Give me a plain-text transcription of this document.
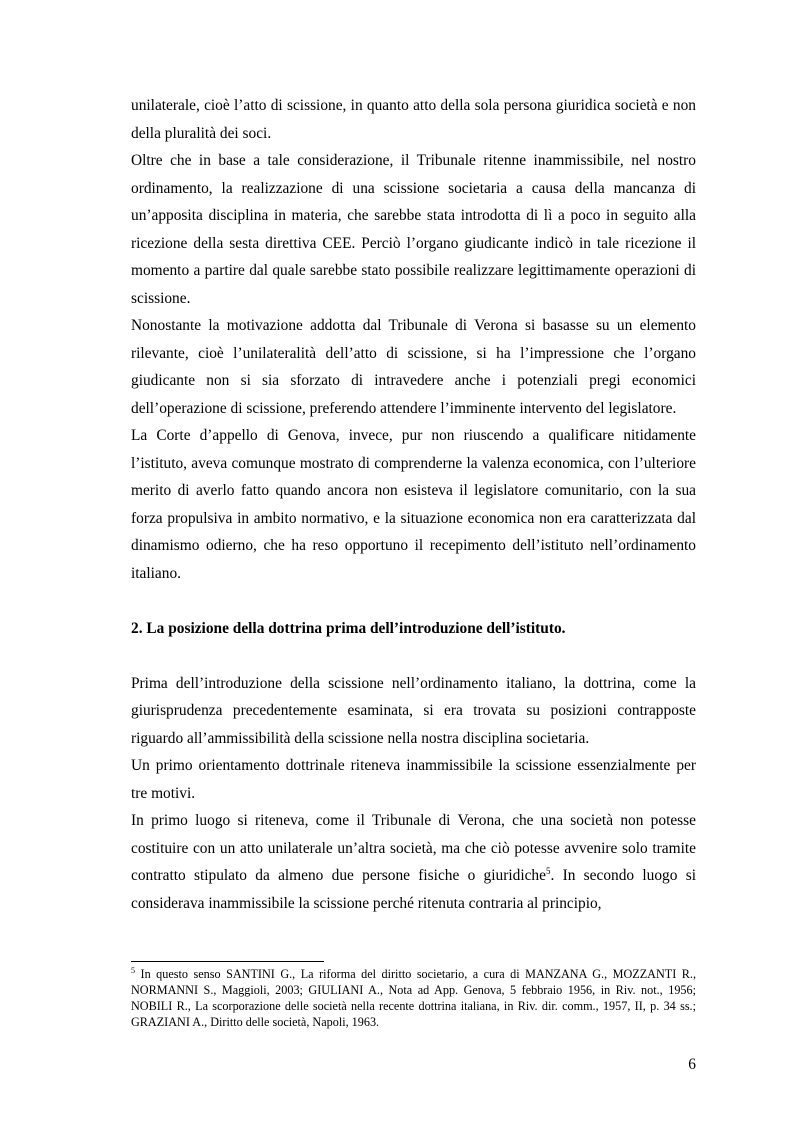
unilaterale, cioè l’atto di scissione, in quanto atto della sola persona giuridica società e non della pluralità dei soci.

Oltre che in base a tale considerazione, il Tribunale ritenne inammissibile, nel nostro ordinamento, la realizzazione di una scissione societaria a causa della mancanza di un’apposita disciplina in materia, che sarebbe stata introdotta di lì a poco in seguito alla ricezione della sesta direttiva CEE. Perciò l’organo giudicante indicò in tale ricezione il momento a partire dal quale sarebbe stato possibile realizzare legittimamente operazioni di scissione.

Nonostante la motivazione addotta dal Tribunale di Verona si basasse su un elemento rilevante, cioè l’unilateralità dell’atto di scissione, si ha l’impressione che l’organo giudicante non si sia sforzato di intravedere anche i potenziali pregi economici dell’operazione di scissione, preferendo attendere l’imminente intervento del legislatore.

La Corte d’appello di Genova, invece, pur non riuscendo a qualificare nitidamente l’istituto, aveva comunque mostrato di comprenderne la valenza economica, con l’ulteriore merito di averlo fatto quando ancora non esisteva il legislatore comunitario, con la sua forza propulsiva in ambito normativo, e la situazione economica non era caratterizzata dal dinamismo odierno, che ha reso opportuno il recepimento dell’istituto nell’ordinamento italiano.

2. La posizione della dottrina prima dell’introduzione dell’istituto.

Prima dell’introduzione della scissione nell’ordinamento italiano, la dottrina, come la giurisprudenza precedentemente esaminata, si era trovata su posizioni contrapposte riguardo all’ammissibilità della scissione nella nostra disciplina societaria.

Un primo orientamento dottrinale riteneva inammissibile la scissione essenzialmente per tre motivi.

In primo luogo si riteneva, come il Tribunale di Verona, che una società non potesse costituire con un atto unilaterale un’altra società, ma che ciò potesse avvenire solo tramite contratto stipulato da almeno due persone fisiche o giuridiche$^5$. In secondo luogo si considerava inammissibile la scissione perché ritenuta contraria al principio,

$^5$ In questo senso SANTINI G., La riforma del diritto societario, a cura di MANZANA G., MOZZANTI R., NORMANNI S., Maggioli, 2003; GIULIANI A., Nota ad App. Genova, 5 febbraio 1956, in Riv. not., 1956; NOBILI R., La scorporazione delle società nella recente dottrina italiana, in Riv. dir. comm., 1957, II, p. 34 ss.; GRAZIANI A., Diritto delle società, Napoli, 1963.
6
